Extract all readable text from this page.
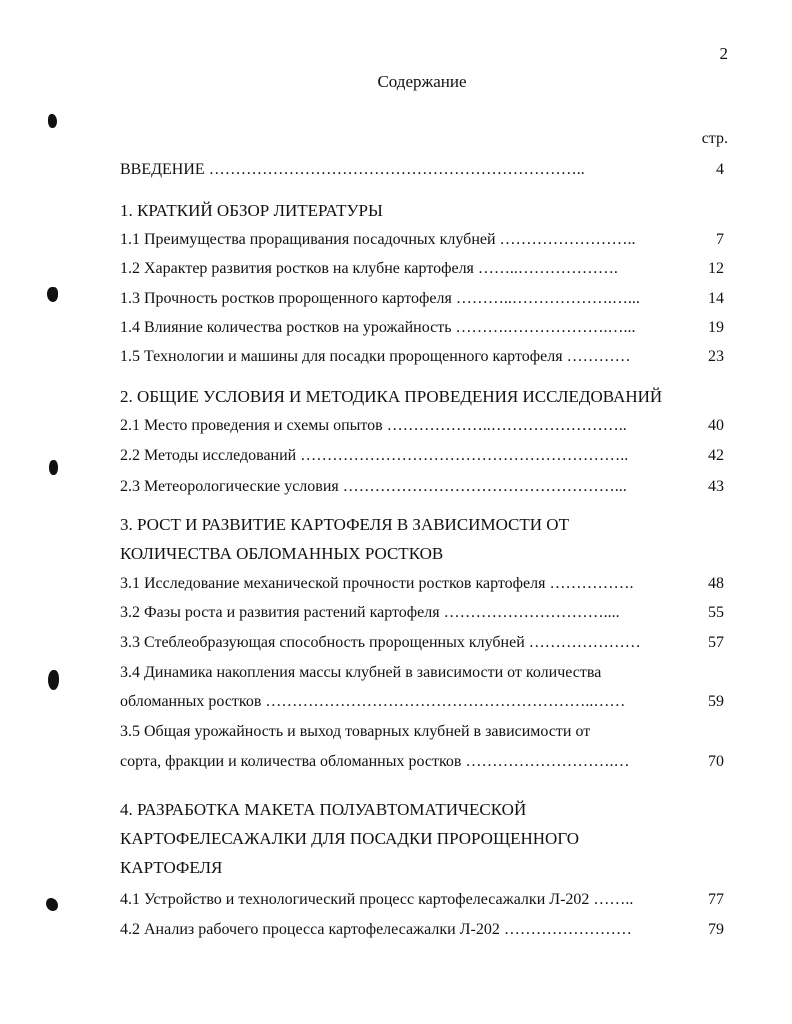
2
Содержание
стр.
ВВЕДЕНИЕ ……………………………………………………………..	4
1. КРАТКИЙ ОБЗОР ЛИТЕРАТУРЫ
1.1 Преимущества проращивания посадочных клубней ……………………..	7
1.2 Характер развития ростков на клубне картофеля ……..……………….	12
1.3 Прочность ростков пророщенного картофеля ………..……………….…...	14
1.4 Влияние количества ростков на урожайность ……….……………….…...	19
1.5 Технологии и машины для посадки пророщенного картофеля …………	23
2. ОБЩИЕ УСЛОВИЯ И МЕТОДИКА ПРОВЕДЕНИЯ ИССЛЕДОВАНИЙ
2.1 Место проведения и схемы опытов ………………..……………………..	40
2.2 Методы исследований ……………………………………………………..	42
2.3 Метеорологические условия ……………………………………………...	43
3. РОСТ И РАЗВИТИЕ КАРТОФЕЛЯ В ЗАВИСИМОСТИ ОТ
КОЛИЧЕСТВА ОБЛОМАННЫХ РОСТКОВ
3.1 Исследование механической прочности ростков картофеля …………….	48
3.2 Фазы роста и развития растений картофеля …………………………....	55
3.3 Стеблеобразующая способность пророщенных клубней …………………	57
3.4 Динамика накопления массы клубней в зависимости от количества
обломанных ростков ……………………………………………………..……	59
3.5 Общая урожайность и выход товарных клубней в зависимости от
сорта, фракции и количества обломанных ростков ……………………….…	70
4. РАЗРАБОТКА МАКЕТА ПОЛУАВТОМАТИЧЕСКОЙ
КАРТОФЕЛЕСАЖАЛКИ ДЛЯ ПОСАДКИ ПРОРОЩЕННОГО
КАРТОФЕЛЯ
4.1 Устройство и технологический процесс картофелесажалки Л-202 ……..	77
4.2 Анализ рабочего процесса картофелесажалки Л-202 ……………………	79
